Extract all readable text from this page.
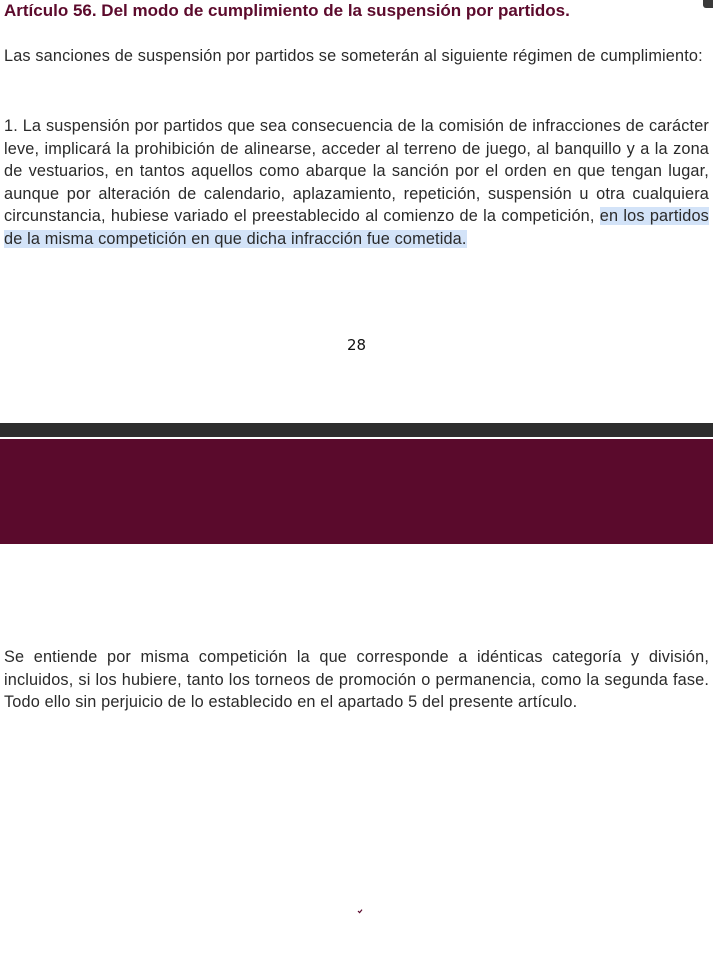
Artículo 56. Del modo de cumplimiento de la suspensión por partidos.

Las sanciones de suspensión por partidos se someterán al siguiente régimen de cumplimiento:

1. La suspensión por partidos que sea consecuencia de la comisión de infracciones de carácter leve, implicará la prohibición de alinearse, acceder al terreno de juego, al banquillo y a la zona de vestuarios, en tantos aquellos como abarque la sanción por el orden en que tengan lugar, aunque por alteración de calendario, aplazamiento, repetición, suspensión u otra cualquiera circunstancia, hubiese variado el preestablecido al comienzo de la competición, en los partidos de la misma competición en que dicha infracción fue cometida.

28

Se entiende por misma competición la que corresponde a idénticas categoría y división, incluidos, si los hubiere, tanto los torneos de promoción o permanencia, como la segunda fase. Todo ello sin perjuicio de lo establecido en el apartado 5 del presente artículo.
